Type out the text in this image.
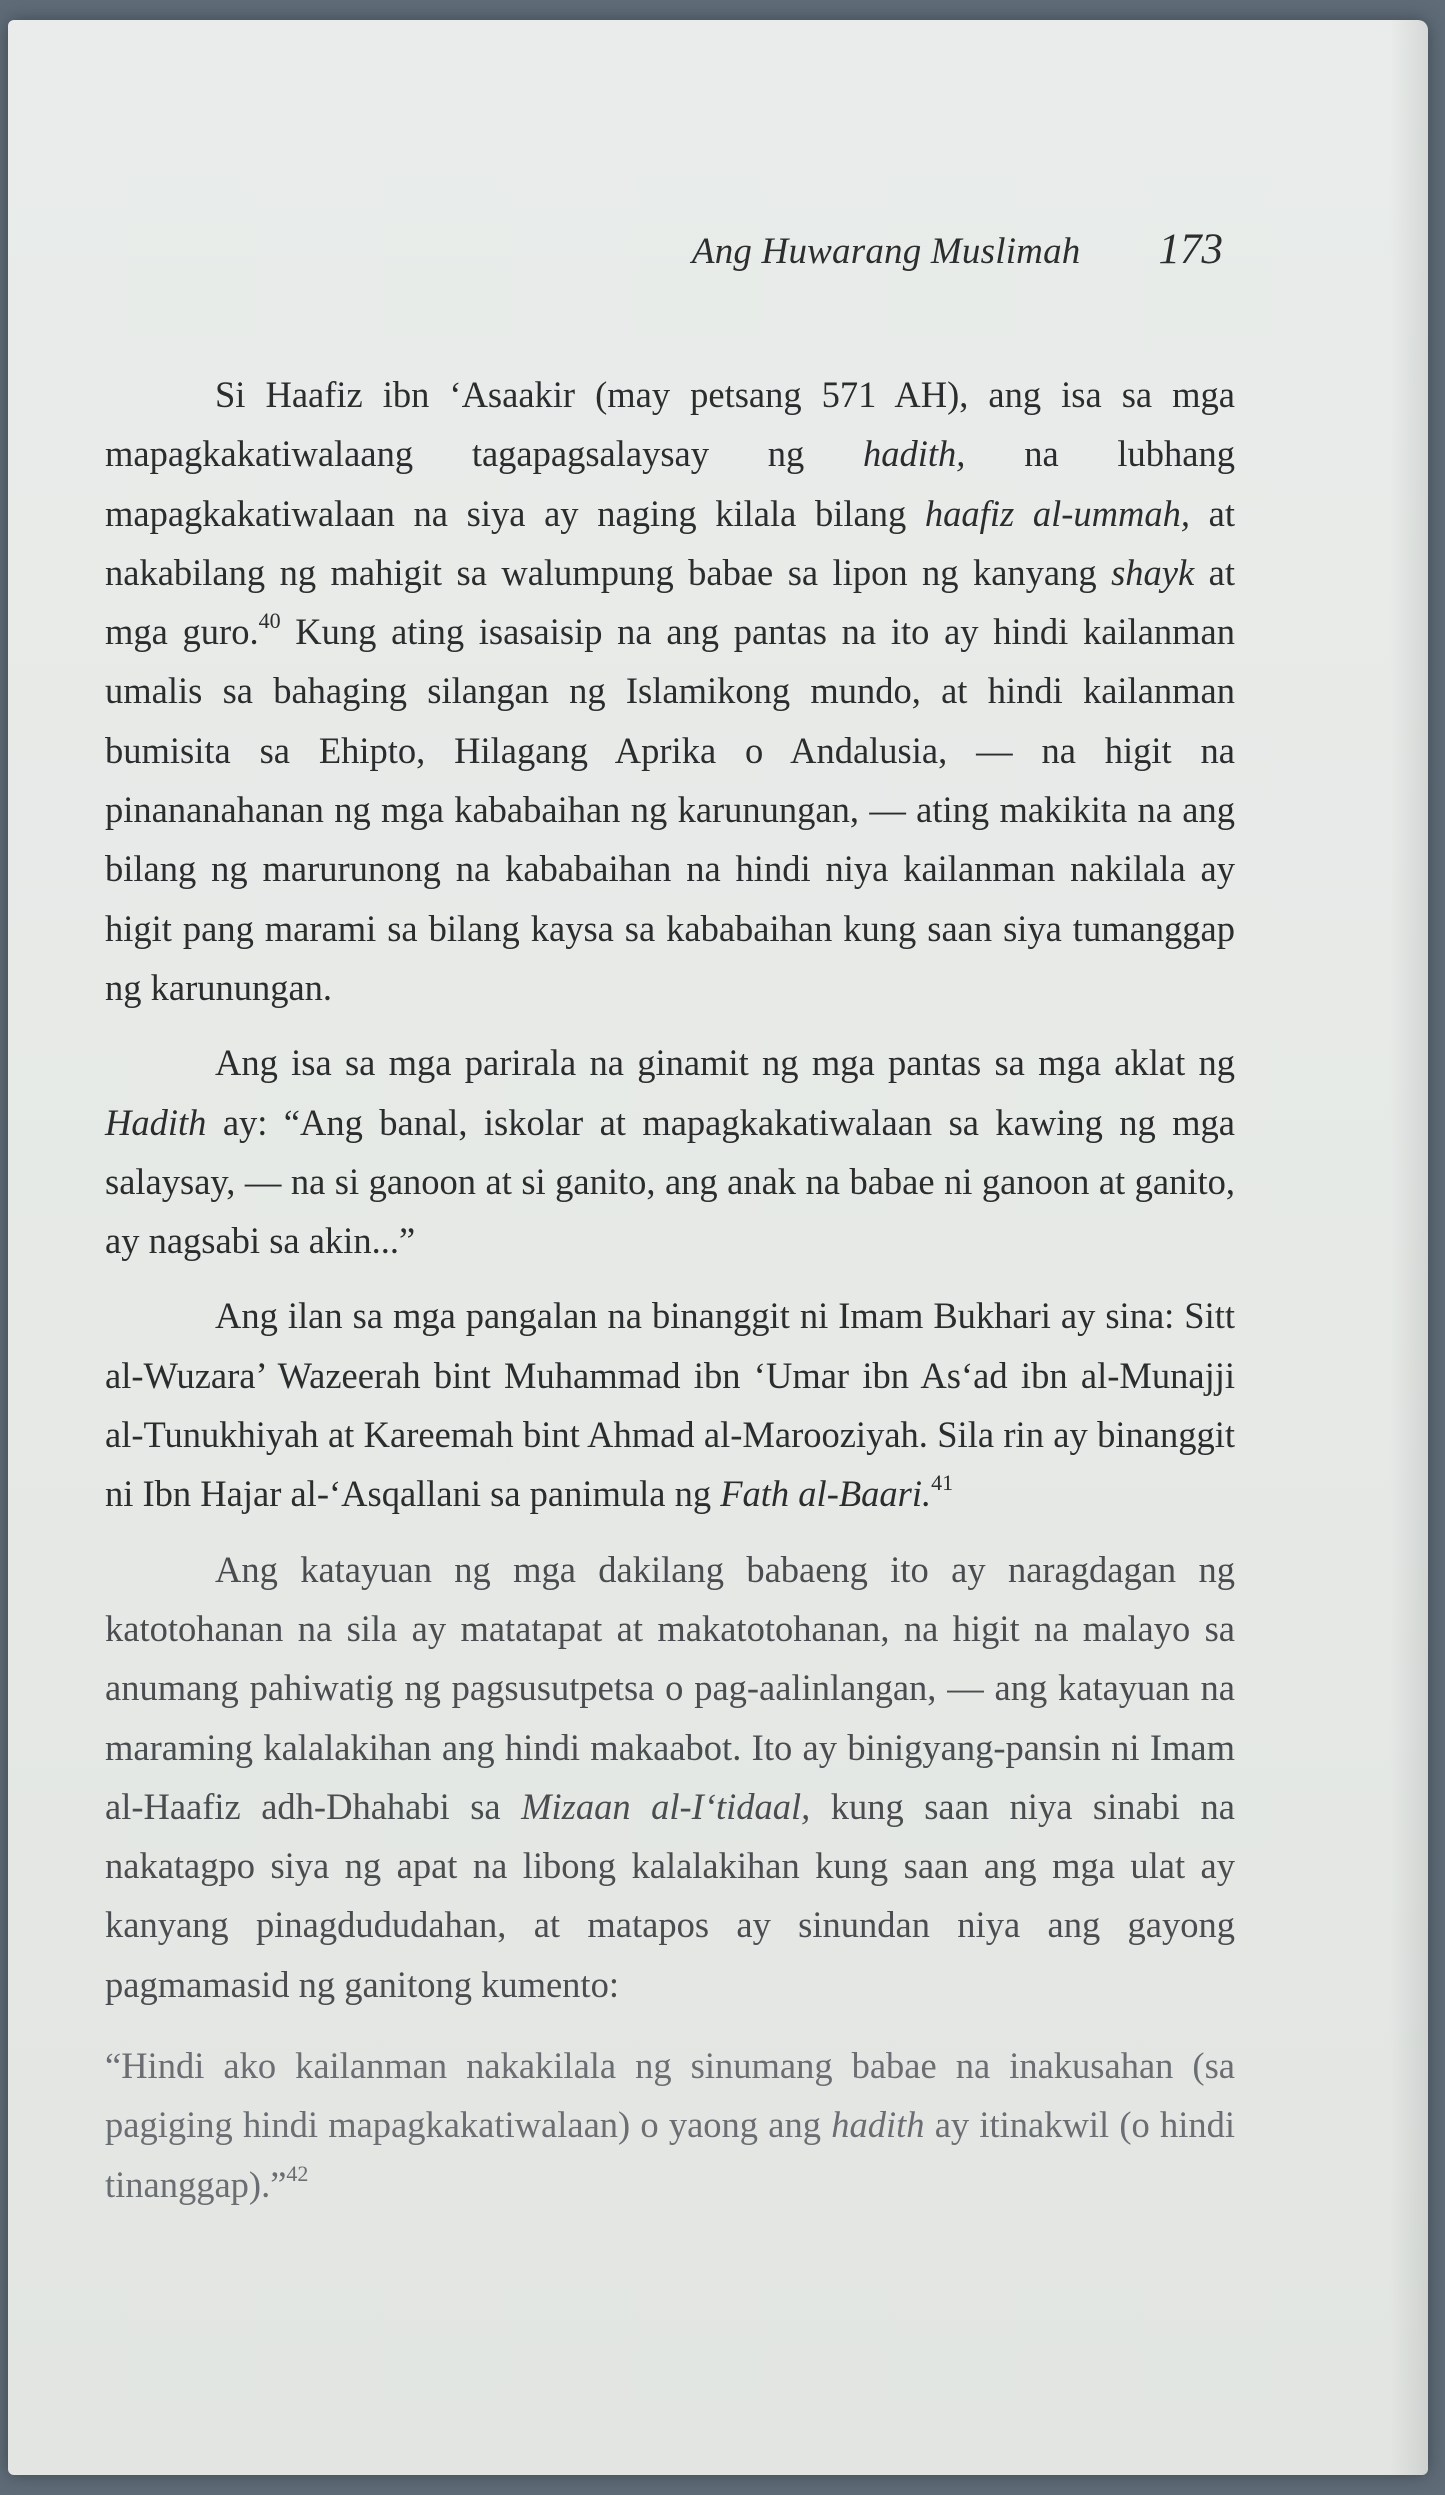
Ang Huwarang Muslimah 173

Si Haafiz ibn ‘Asaakir (may petsang 571 AH), ang isa sa mga mapagkakatiwalaang tagapagsalaysay ng hadith, na lubhang mapagkakatiwalaan na siya ay naging kilala bilang haafiz al-ummah, at nakabilang ng mahigit sa walumpung babae sa lipon ng kanyang shayk at mga guro.$^{40}$ Kung ating isasaisip na ang pantas na ito ay hindi kailanman umalis sa bahaging silangan ng Islamikong mundo, at hindi kailanman bumisita sa Ehipto, Hilagang Aprika o Andalusia, — na higit na pinananahanan ng mga kababaihan ng karunungan, — ating makikita na ang bilang ng marurunong na kababaihan na hindi niya kailanman nakilala ay higit pang marami sa bilang kaysa sa kababaihan kung saan siya tumanggap ng karunungan.

Ang isa sa mga parirala na ginamit ng mga pantas sa mga aklat ng Hadith ay: “Ang banal, iskolar at mapagkakatiwalaan sa kawing ng mga salaysay, — na si ganoon at si ganito, ang anak na babae ni ganoon at ganito, ay nagsabi sa akin...”

Ang ilan sa mga pangalan na binanggit ni Imam Bukhari ay sina: Sitt al-Wuzara’ Wazeerah bint Muhammad ibn ‘Umar ibn As‘ad ibn al-Munajji al-Tunukhiyah at Kareemah bint Ahmad al-Marooziyah. Sila rin ay binanggit ni Ibn Hajar al-‘Asqallani sa panimula ng Fath al-Baari.$^{41}$

Ang katayuan ng mga dakilang babaeng ito ay naragdagan ng katotohanan na sila ay matatapat at makatotohanan, na higit na malayo sa anumang pahiwatig ng pagsusutpetsa o pag-aalinlangan, — ang katayuan na maraming kalalakihan ang hindi makaabot. Ito ay binigyang-pansin ni Imam al-Haafiz adh-Dhahabi sa Mizaan al-I‘tidaal, kung saan niya sinabi na nakatagpo siya ng apat na libong kalalakihan kung saan ang mga ulat ay kanyang pinagdududahan, at matapos ay sinundan niya ang gayong pagmamasid ng ganitong kumento:

“Hindi ako kailanman nakakilala ng sinumang babae na inakusahan (sa pagiging hindi mapagkakatiwalaan) o yaong ang hadith ay itinakwil (o hindi tinanggap).”$^{42}$
